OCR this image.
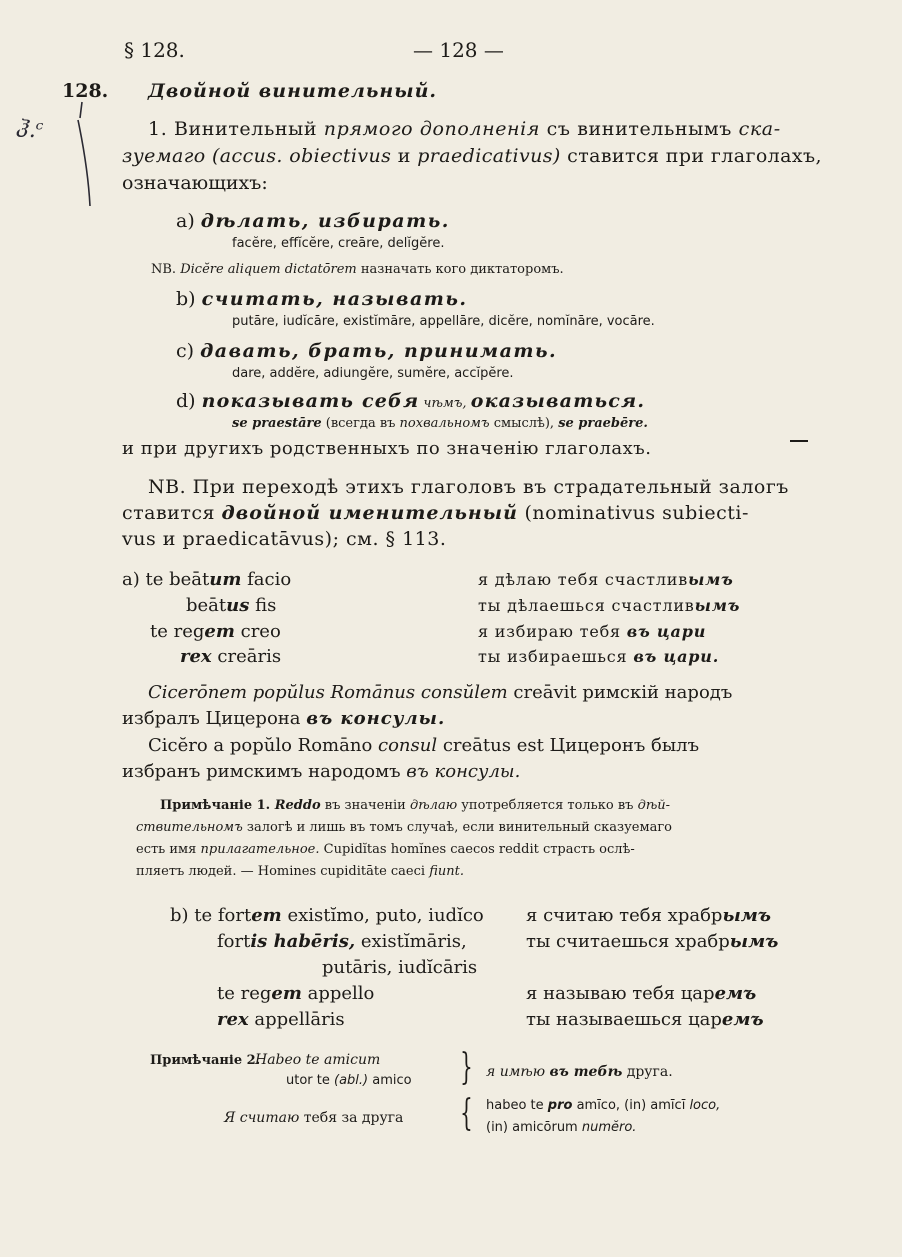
§ 128.	— 128 —
128. Двойной винительный.
ჰ.ᶜ	1. Винительный прямого дополненія съ винительнымъ ска-
зуемаго (accus. obiectivus и praedicativus) ставится при глаголахъ,
означающихъ:
a) дѣлать, избирать.
facĕre, effĭcĕre, creāre, delĭgĕre.
NB. Dicĕre aliquem dictatōrem назначать кого диктаторомъ.
b) считать, называть.
putāre, iudĭcāre, existĭmāre, appellāre, dicĕre, nomĭnāre, vocāre.
c) давать, брать, принимать.
dare, addĕre, adiungĕre, sumĕre, accĭpĕre.
d) показывать себя чѣмъ, оказываться.
se praestāre (всегда въ похвальномъ смыслѣ), se praebēre.
и при другихъ родственныхъ по значенію глаголахъ.
NB. При переходѣ этихъ глаголовъ въ страдательный залогъ
ставится двойной именительный (nominativus subiecti-
vus и praedicatāvus); см. § 113.
a) te beātum facio	я дѣлаю тебя счастливымъ
beātus fis	ты дѣлаешься счастливымъ
te regem creo	я избираю тебя въ цари
rex creāris	ты избираешься въ цари.
Cicerōnem popŭlus Romānus consŭlem creāvit римскій народъ
избралъ Цицерона въ консулы.
Cicĕro a popŭlo Romāno consul creātus est Цицеронъ былъ
избранъ римскимъ народомъ въ консулы.
Примѣчаніе 1. Reddo въ значеніи дѣлаю употребляется только въ дѣй-
ствительномъ залогѣ и лишь въ томъ случаѣ, если винительный сказуемаго
есть имя прилагательное. Cupidĭtas homĭnes caecos reddit страсть ослѣ-
пляетъ людей. — Homines cupiditāte caeci fiunt.
b) te fortem existĭmo, puto, iudĭco я считаю тебя храбрымъ
fortis habēris, existĭmāris,	ты считаешься храбрымъ
putāris, iudĭcāris
te regem appello	я называю тебя царемъ
rex appellāris	ты называешься царемъ
Примѣчаніе 2.
Habeo te amicum
utor te (abl.) amico } я имѣю въ тебѣ друга.
Я считаю тебя за друга { habeo te pro amīco, (in) amīcī loco,
(in) amicōrum numĕro.
